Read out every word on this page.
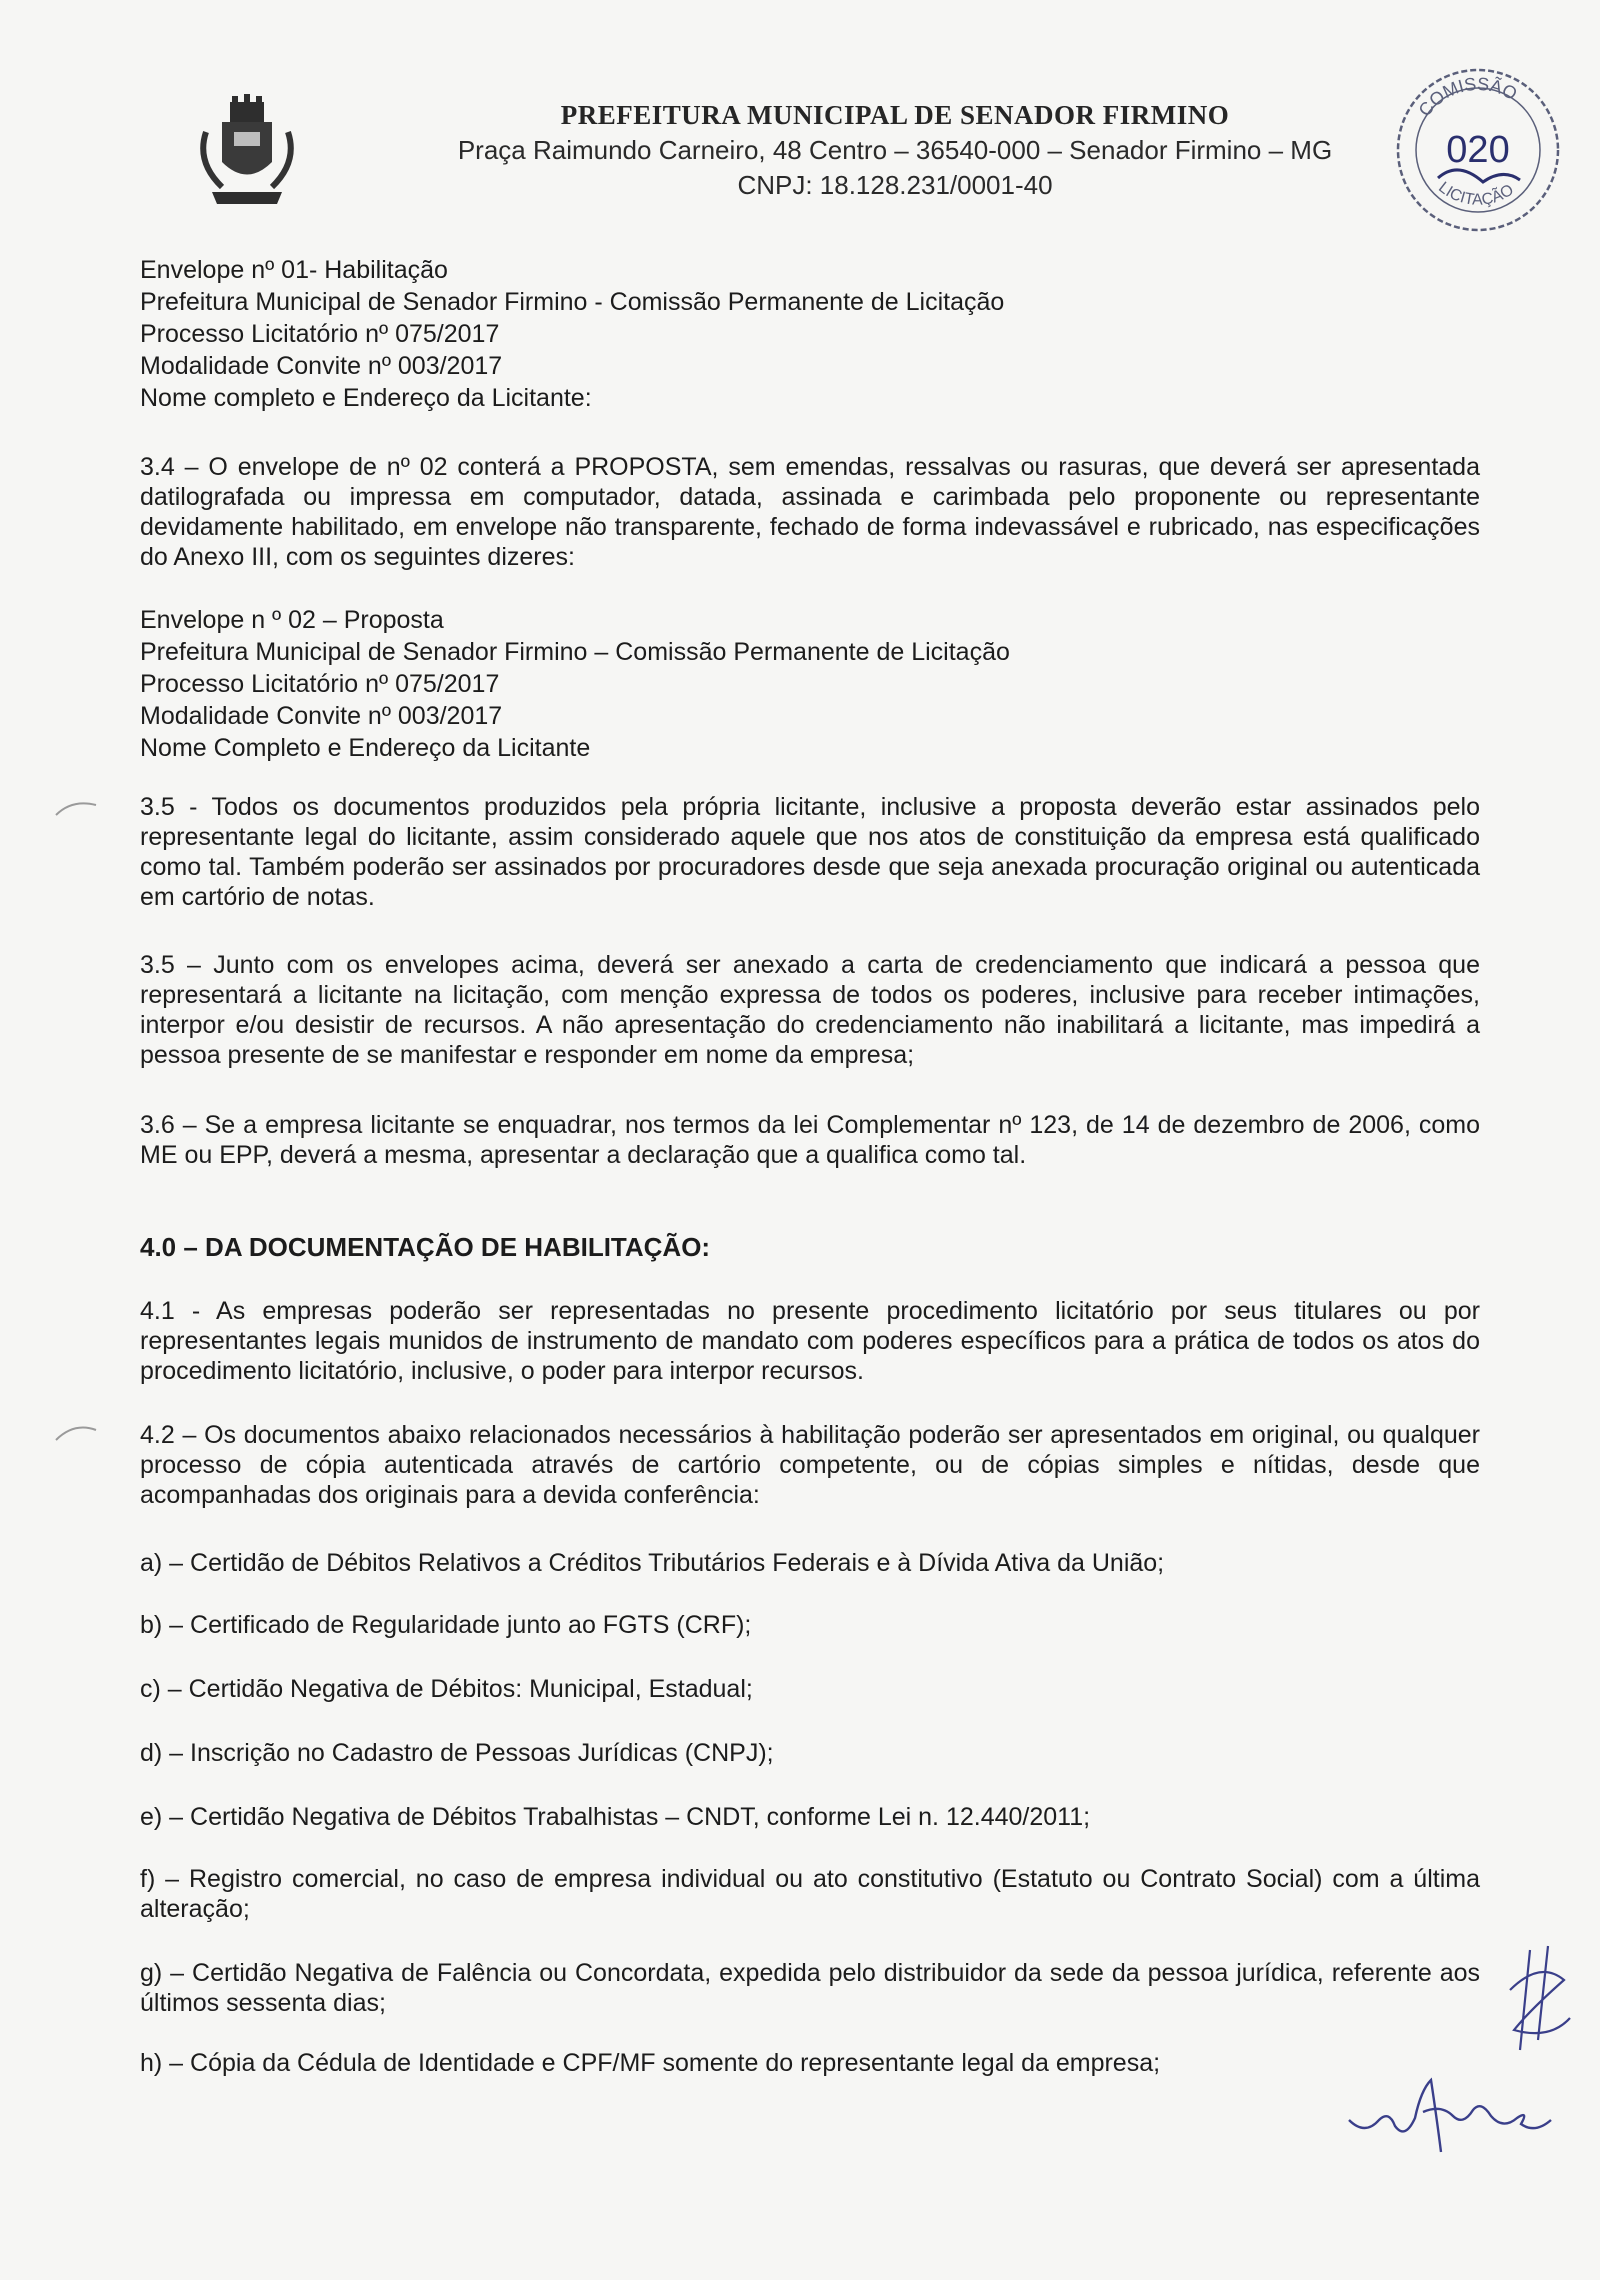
PREFEITURA MUNICIPAL DE SENADOR FIRMINO
Praça Raimundo Carneiro, 48 Centro – 36540-000 – Senador Firmino – MG
CNPJ: 18.128.231/0001-40
COMISSÃO
LICITAÇÃO
020
Envelope nº 01- Habilitação
Prefeitura Municipal de Senador Firmino - Comissão Permanente de Licitação
Processo Licitatório nº 075/2017
Modalidade Convite nº 003/2017
Nome completo e Endereço da Licitante:
3.4 – O envelope de nº 02 conterá a PROPOSTA, sem emendas, ressalvas ou rasuras, que deverá ser apresentada datilografada ou impressa em computador, datada, assinada e carimbada pelo proponente ou representante devidamente habilitado, em envelope não transparente, fechado de forma indevassável e rubricado, nas especificações do Anexo III, com os seguintes dizeres:
Envelope n º 02 – Proposta
Prefeitura Municipal de Senador Firmino – Comissão Permanente de Licitação
Processo Licitatório nº 075/2017
Modalidade Convite nº 003/2017
Nome Completo e Endereço da Licitante
3.5 - Todos os documentos produzidos pela própria licitante, inclusive a proposta deverão estar assinados pelo representante legal do licitante, assim considerado aquele que nos atos de constituição da empresa está qualificado como tal. Também poderão ser assinados por procuradores desde que seja anexada procuração original ou autenticada em cartório de notas.
3.5 – Junto com os envelopes acima, deverá ser anexado a carta de credenciamento que indicará a pessoa que representará a licitante na licitação, com menção expressa de todos os poderes, inclusive para receber intimações, interpor e/ou desistir de recursos. A não apresentação do credenciamento não inabilitará a licitante, mas impedirá a pessoa presente de se manifestar e responder em nome da empresa;
3.6 – Se a empresa licitante se enquadrar, nos termos da lei Complementar nº 123, de 14 de dezembro de 2006, como ME ou EPP, deverá a mesma, apresentar a declaração que a qualifica como tal.
4.0 – DA DOCUMENTAÇÃO DE HABILITAÇÃO:
4.1 - As empresas poderão ser representadas no presente procedimento licitatório por seus titulares ou por representantes legais munidos de instrumento de mandato com poderes específicos para a prática de todos os atos do procedimento licitatório, inclusive, o poder para interpor recursos.
4.2 – Os documentos abaixo relacionados necessários à habilitação poderão ser apresentados em original, ou qualquer processo de cópia autenticada através de cartório competente, ou de cópias simples e nítidas, desde que acompanhadas dos originais para a devida conferência:
a) – Certidão de Débitos Relativos a Créditos Tributários Federais e à Dívida Ativa da União;
b) – Certificado de Regularidade junto ao FGTS (CRF);
c) – Certidão Negativa de Débitos: Municipal, Estadual;
d) – Inscrição no Cadastro de Pessoas Jurídicas (CNPJ);
e) – Certidão Negativa de Débitos Trabalhistas – CNDT, conforme Lei n. 12.440/2011;
f) – Registro comercial, no caso de empresa individual ou ato constitutivo (Estatuto ou Contrato Social) com a última alteração;
g) – Certidão Negativa de Falência ou Concordata, expedida pelo distribuidor da sede da pessoa jurídica, referente aos últimos sessenta dias;
h) – Cópia da Cédula de Identidade e CPF/MF somente do representante legal da empresa;
